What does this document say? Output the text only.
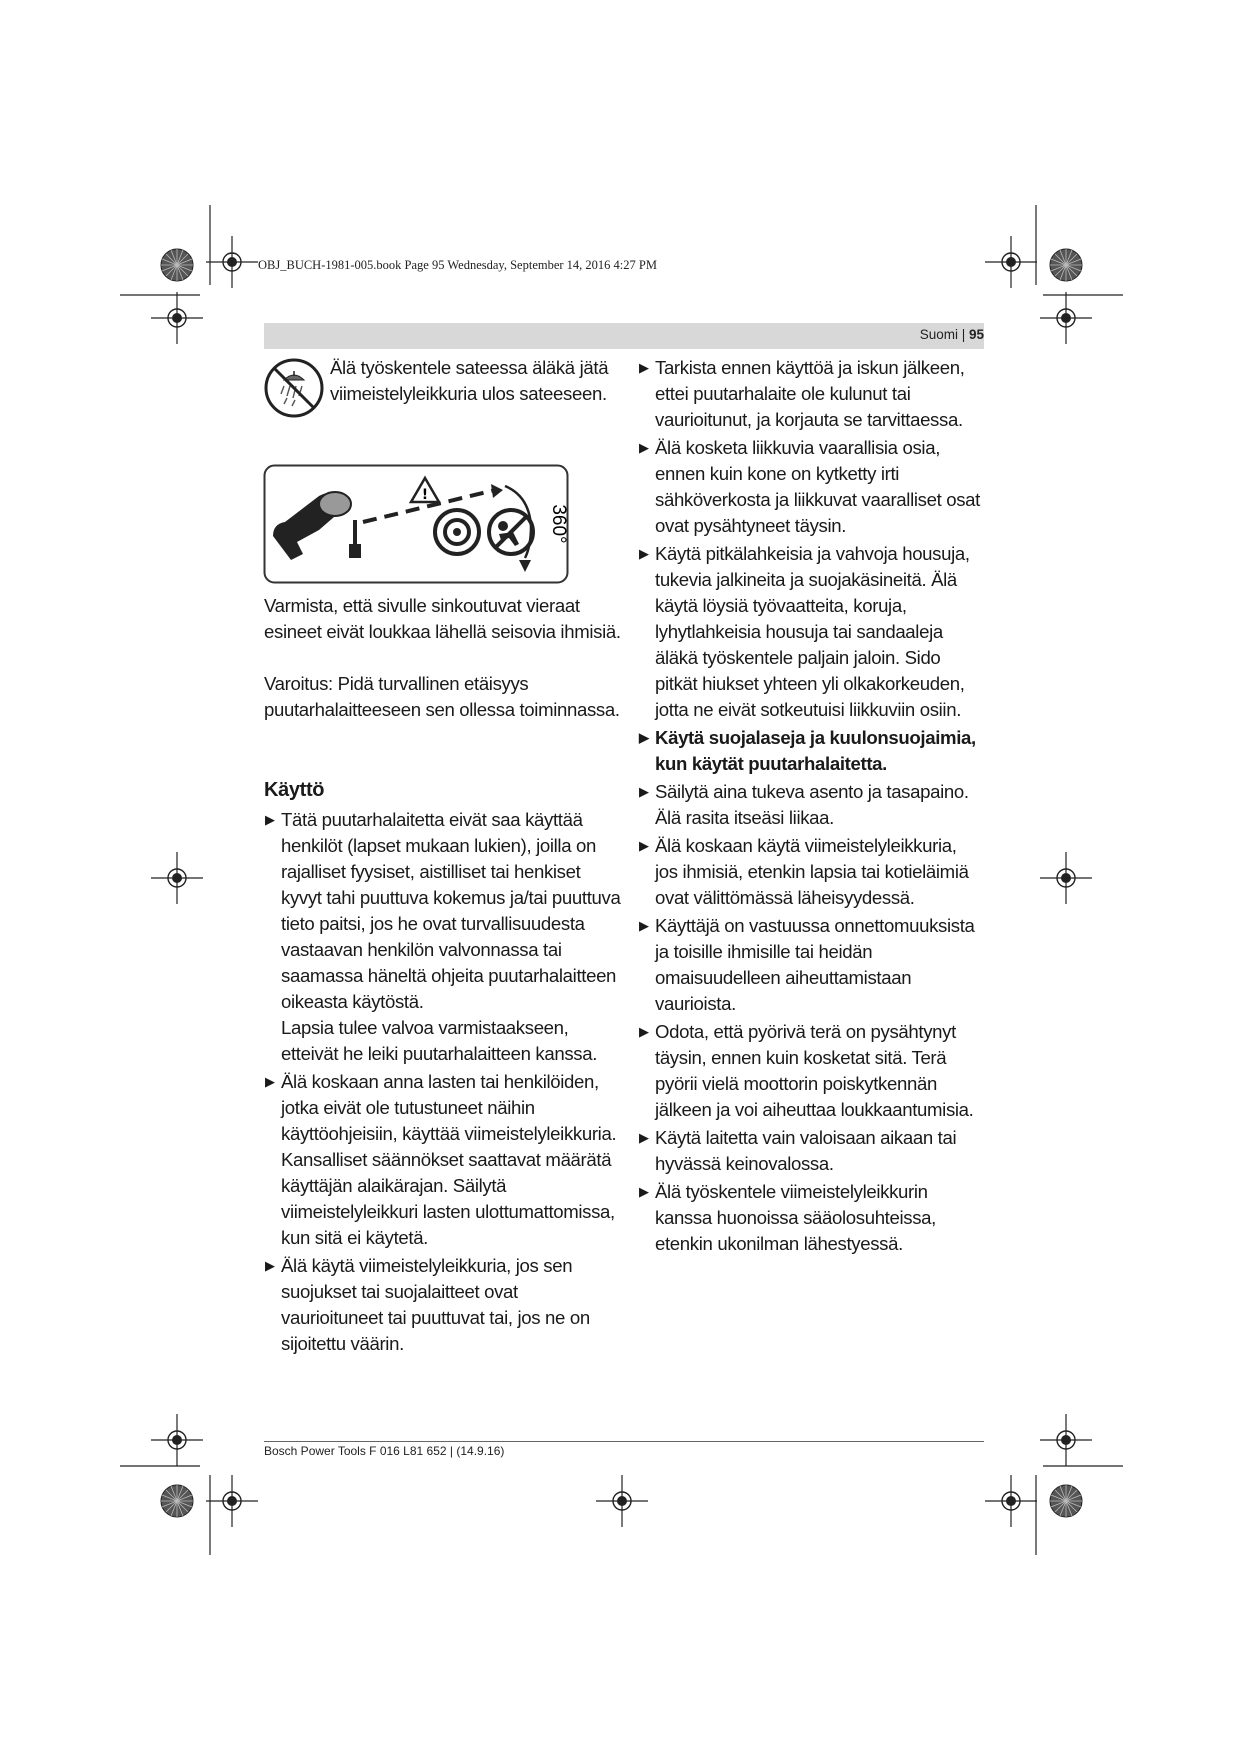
OBJ_BUCH-1981-005.book Page 95 Wednesday, September 14, 2016 4:27 PM
Suomi | 95
Älä työskentele sateessa äläkä jätä viimeistelyleikkuria ulos sateeseen.
!
360°
Varmista, että sivulle sinkoutuvat vieraat esineet eivät loukkaa lähellä seisovia ihmisiä.
Varoitus: Pidä turvallinen etäisyys puutarhalaitteeseen sen ollessa toiminnassa.
Käyttö
▶ Tätä puutarhalaitetta eivät saa käyttää henkilöt (lapset mukaan lukien), joilla on rajalliset fyysiset, aistilliset tai henkiset kyvyt tahi puuttuva kokemus ja/tai puuttuva tieto paitsi, jos he ovat turvallisuudesta vastaavan henkilön valvonnassa tai saamassa häneltä ohjeita puutarhalaitteen oikeasta käytöstä.

Lapsia tulee valvoa varmistaakseen, etteivät he leiki puutarhalaitteen kanssa.

▶ Älä koskaan anna lasten tai henkilöiden, jotka eivät ole tutustuneet näihin käyttöohjeisiin, käyttää viimeistelyleikkuria. Kansalliset säännökset saattavat määrätä käyttäjän alaikärajan. Säilytä viimeistelyleikkuri lasten ulottumattomissa, kun sitä ei käytetä.

▶ Älä käytä viimeistelyleikkuria, jos sen suojukset tai suojalaitteet ovat vaurioituneet tai puuttuvat tai, jos ne on sijoitettu väärin.

▶ Tarkista ennen käyttöä ja iskun jälkeen, ettei puutarhalaite ole kulunut tai vaurioitunut, ja korjauta se tarvittaessa.

▶ Älä kosketa liikkuvia vaarallisia osia, ennen kuin kone on kytketty irti sähköverkosta ja liikkuvat vaaralliset osat ovat pysähtyneet täysin.

▶ Käytä pitkälahkeisia ja vahvoja housuja, tukevia jalkineita ja suojakäsineitä. Älä käytä löysiä työvaatteita, koruja, lyhytlahkeisia housuja tai sandaaleja äläkä työskentele paljain jaloin. Sido pitkät hiukset yhteen yli olkakorkeuden, jotta ne eivät sotkeutuisi liikkuviin osiin.

▶ Käytä suojalaseja ja kuulonsuojaimia, kun käytät puutarhalaitetta.

▶ Säilytä aina tukeva asento ja tasapaino. Älä rasita itseäsi liikaa.

▶ Älä koskaan käytä viimeistelyleikkuria, jos ihmisiä, etenkin lapsia tai kotieläimiä ovat välittömässä läheisyydessä.

▶ Käyttäjä on vastuussa onnettomuuksista ja toisille ihmisille tai heidän omaisuudelleen aiheuttamistaan vaurioista.

▶ Odota, että pyörivä terä on pysähtynyt täysin, ennen kuin kosketat sitä. Terä pyörii vielä moottorin poiskytkennän jälkeen ja voi aiheuttaa loukkaantumisia.

▶ Käytä laitetta vain valoisaan aikaan tai hyvässä keinovalossa.

▶ Älä työskentele viimeistelyleikkurin kanssa huonoissa sääolosuhteissa, etenkin ukonilman lähestyessä.

Bosch Power Tools F 016 L81 652 | (14.9.16)
